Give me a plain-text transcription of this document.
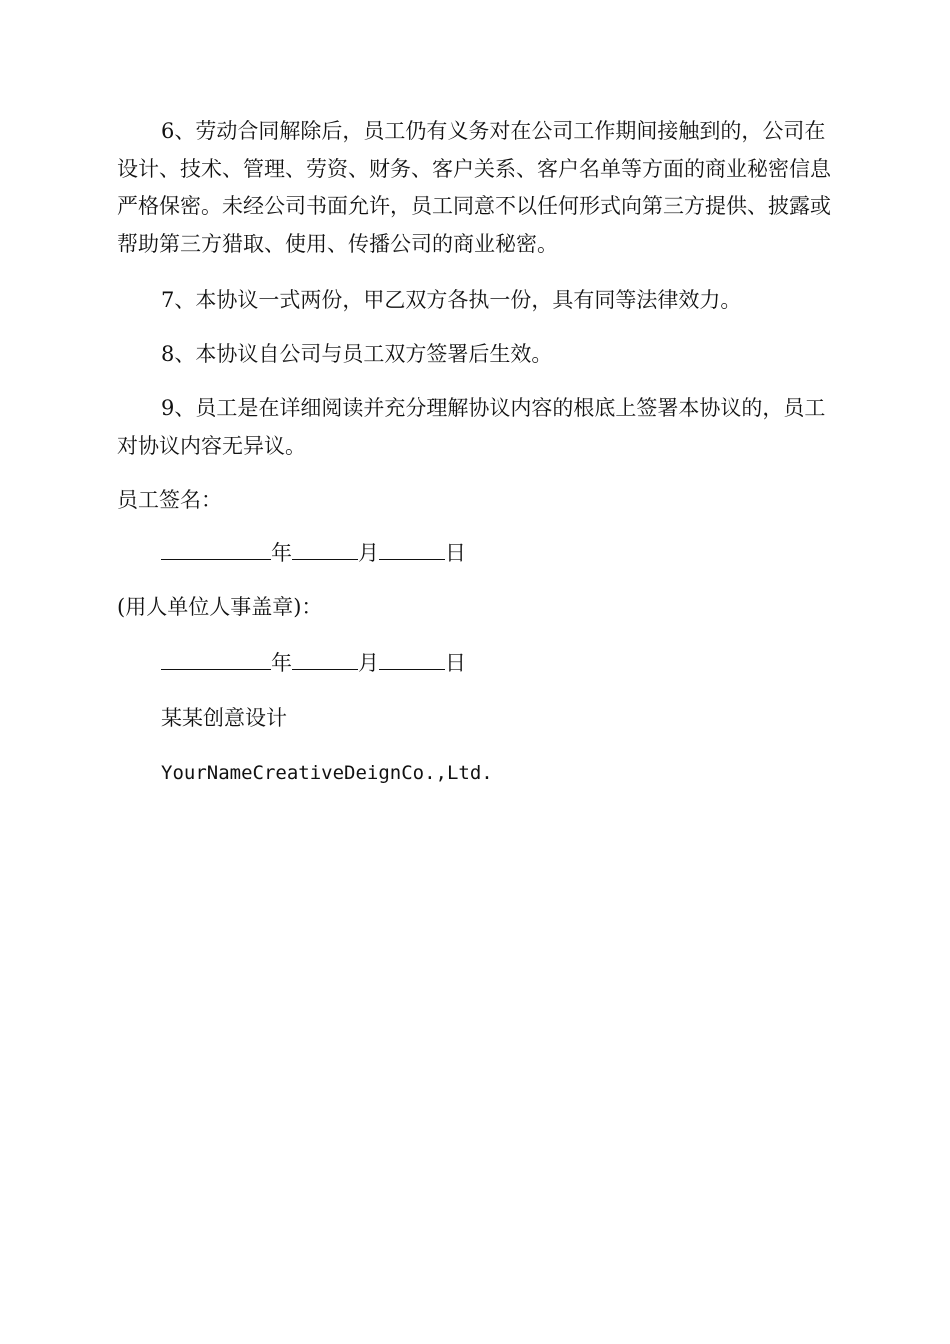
6、劳动合同解除后，员工仍有义务对在公司工作期间接触到的，公司在设计、技术、管理、劳资、财务、客户关系、客户名单等方面的商业秘密信息严格保密。未经公司书面允许，员工同意不以任何形式向第三方提供、披露或帮助第三方猎取、使用、传播公司的商业秘密。

7、本协议一式两份，甲乙双方各执一份，具有同等法律效力。

8、本协议自公司与员工双方签署后生效。

9、员工是在详细阅读并充分理解协议内容的根底上签署本协议的，员工对协议内容无异议。

员工签名：

年	月	日

(用人单位人事盖章)：

年	月	日

某某创意设计

YourNameCreativeDeignCo.,Ltd.
